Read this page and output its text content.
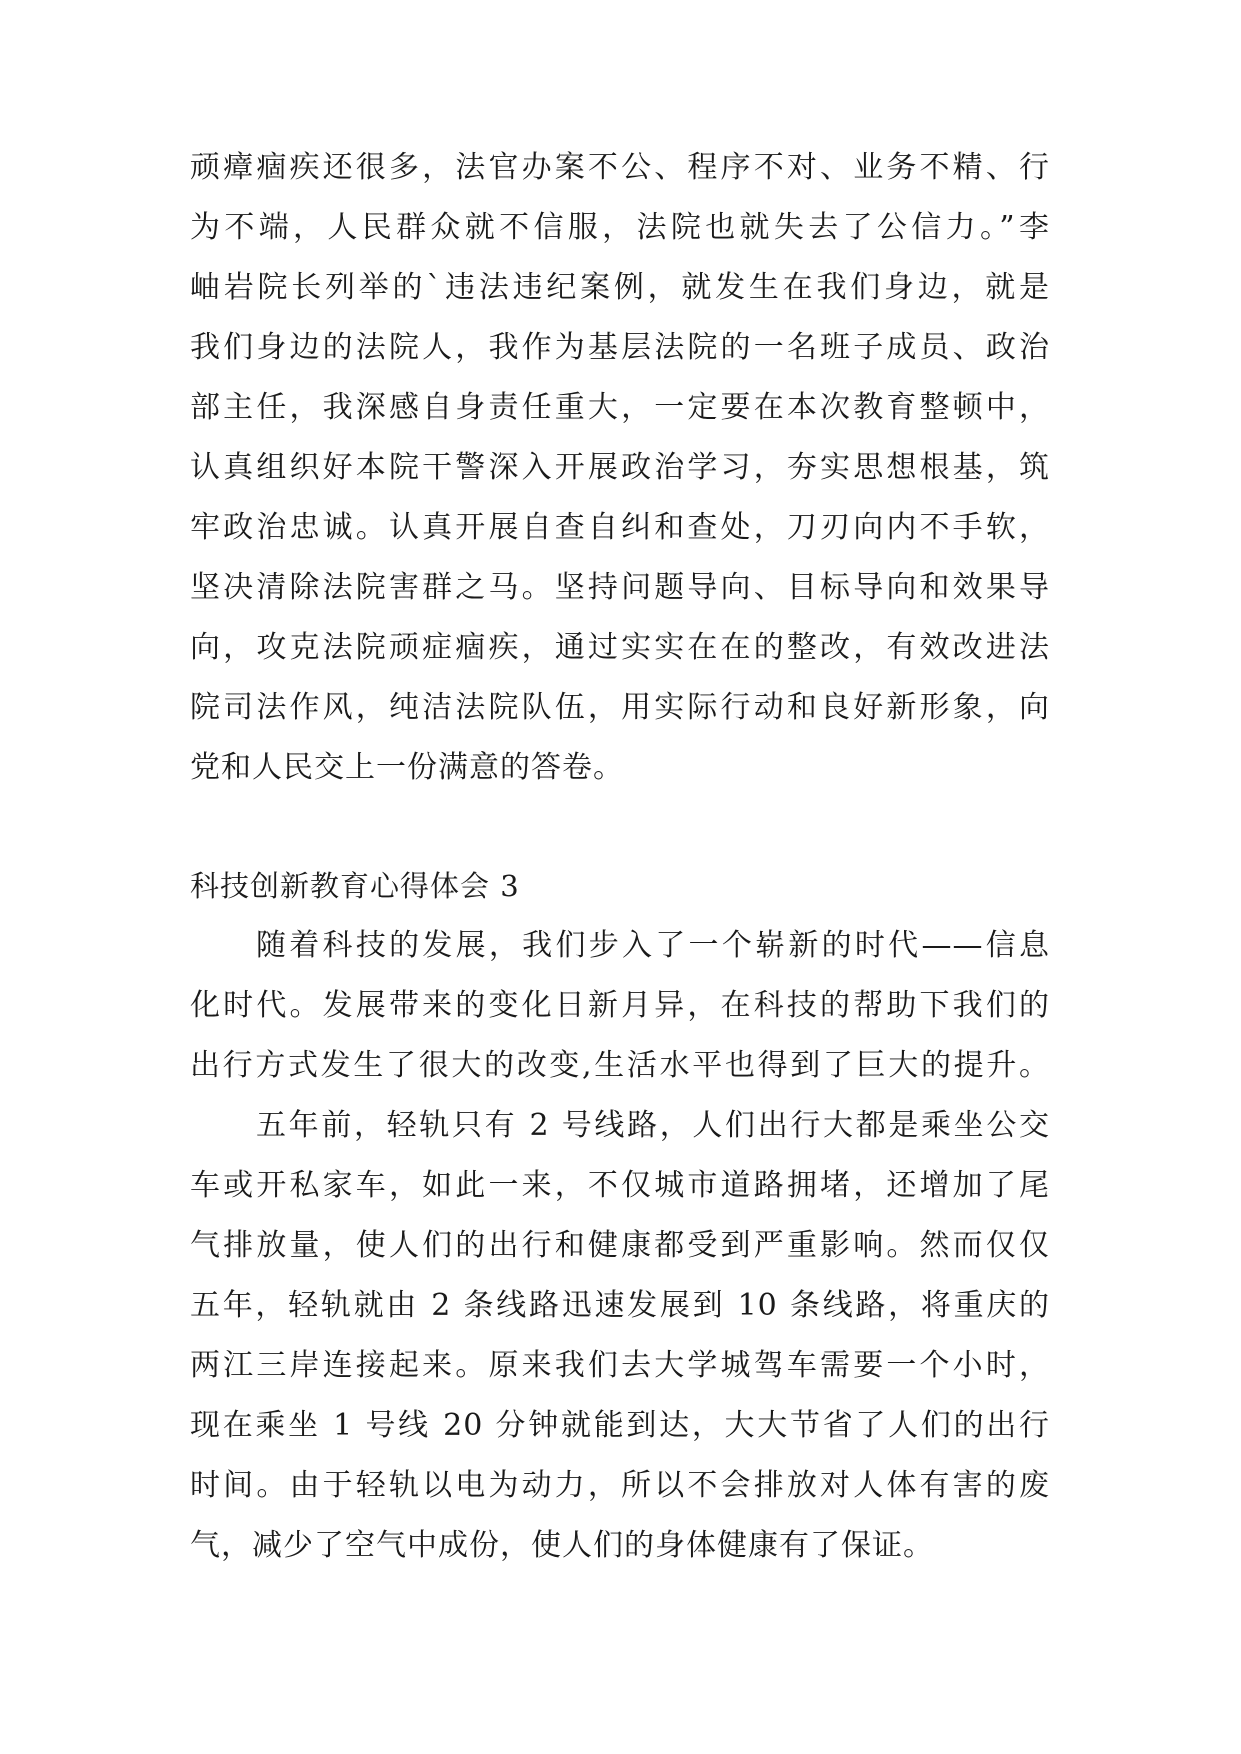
顽瘴痼疾还很多，法官办案不公、程序不对、业务不精、行
为不端，人民群众就不信服，法院也就失去了公信力。”李
岫岩院长列举的`违法违纪案例，就发生在我们身边，就是
我们身边的法院人，我作为基层法院的一名班子成员、政治
部主任，我深感自身责任重大，一定要在本次教育整顿中，
认真组织好本院干警深入开展政治学习，夯实思想根基，筑
牢政治忠诚。认真开展自查自纠和查处，刀刃向内不手软，
坚决清除法院害群之马。坚持问题导向、目标导向和效果导
向，攻克法院顽症痼疾，通过实实在在的整改，有效改进法
院司法作风，纯洁法院队伍，用实际行动和良好新形象，向
党和人民交上一份满意的答卷。
科技创新教育心得体会 3
随着科技的发展，我们步入了一个崭新的时代——信息
化时代。发展带来的变化日新月异，在科技的帮助下我们的
出行方式发生了很大的改变,生活水平也得到了巨大的提升。
五年前，轻轨只有 2 号线路，人们出行大都是乘坐公交
车或开私家车，如此一来，不仅城市道路拥堵，还增加了尾
气排放量，使人们的出行和健康都受到严重影响。然而仅仅
五年，轻轨就由 2 条线路迅速发展到 10 条线路，将重庆的
两江三岸连接起来。原来我们去大学城驾车需要一个小时，
现在乘坐 1 号线 20 分钟就能到达，大大节省了人们的出行
时间。由于轻轨以电为动力，所以不会排放对人体有害的废
气，减少了空气中成份，使人们的身体健康有了保证。
